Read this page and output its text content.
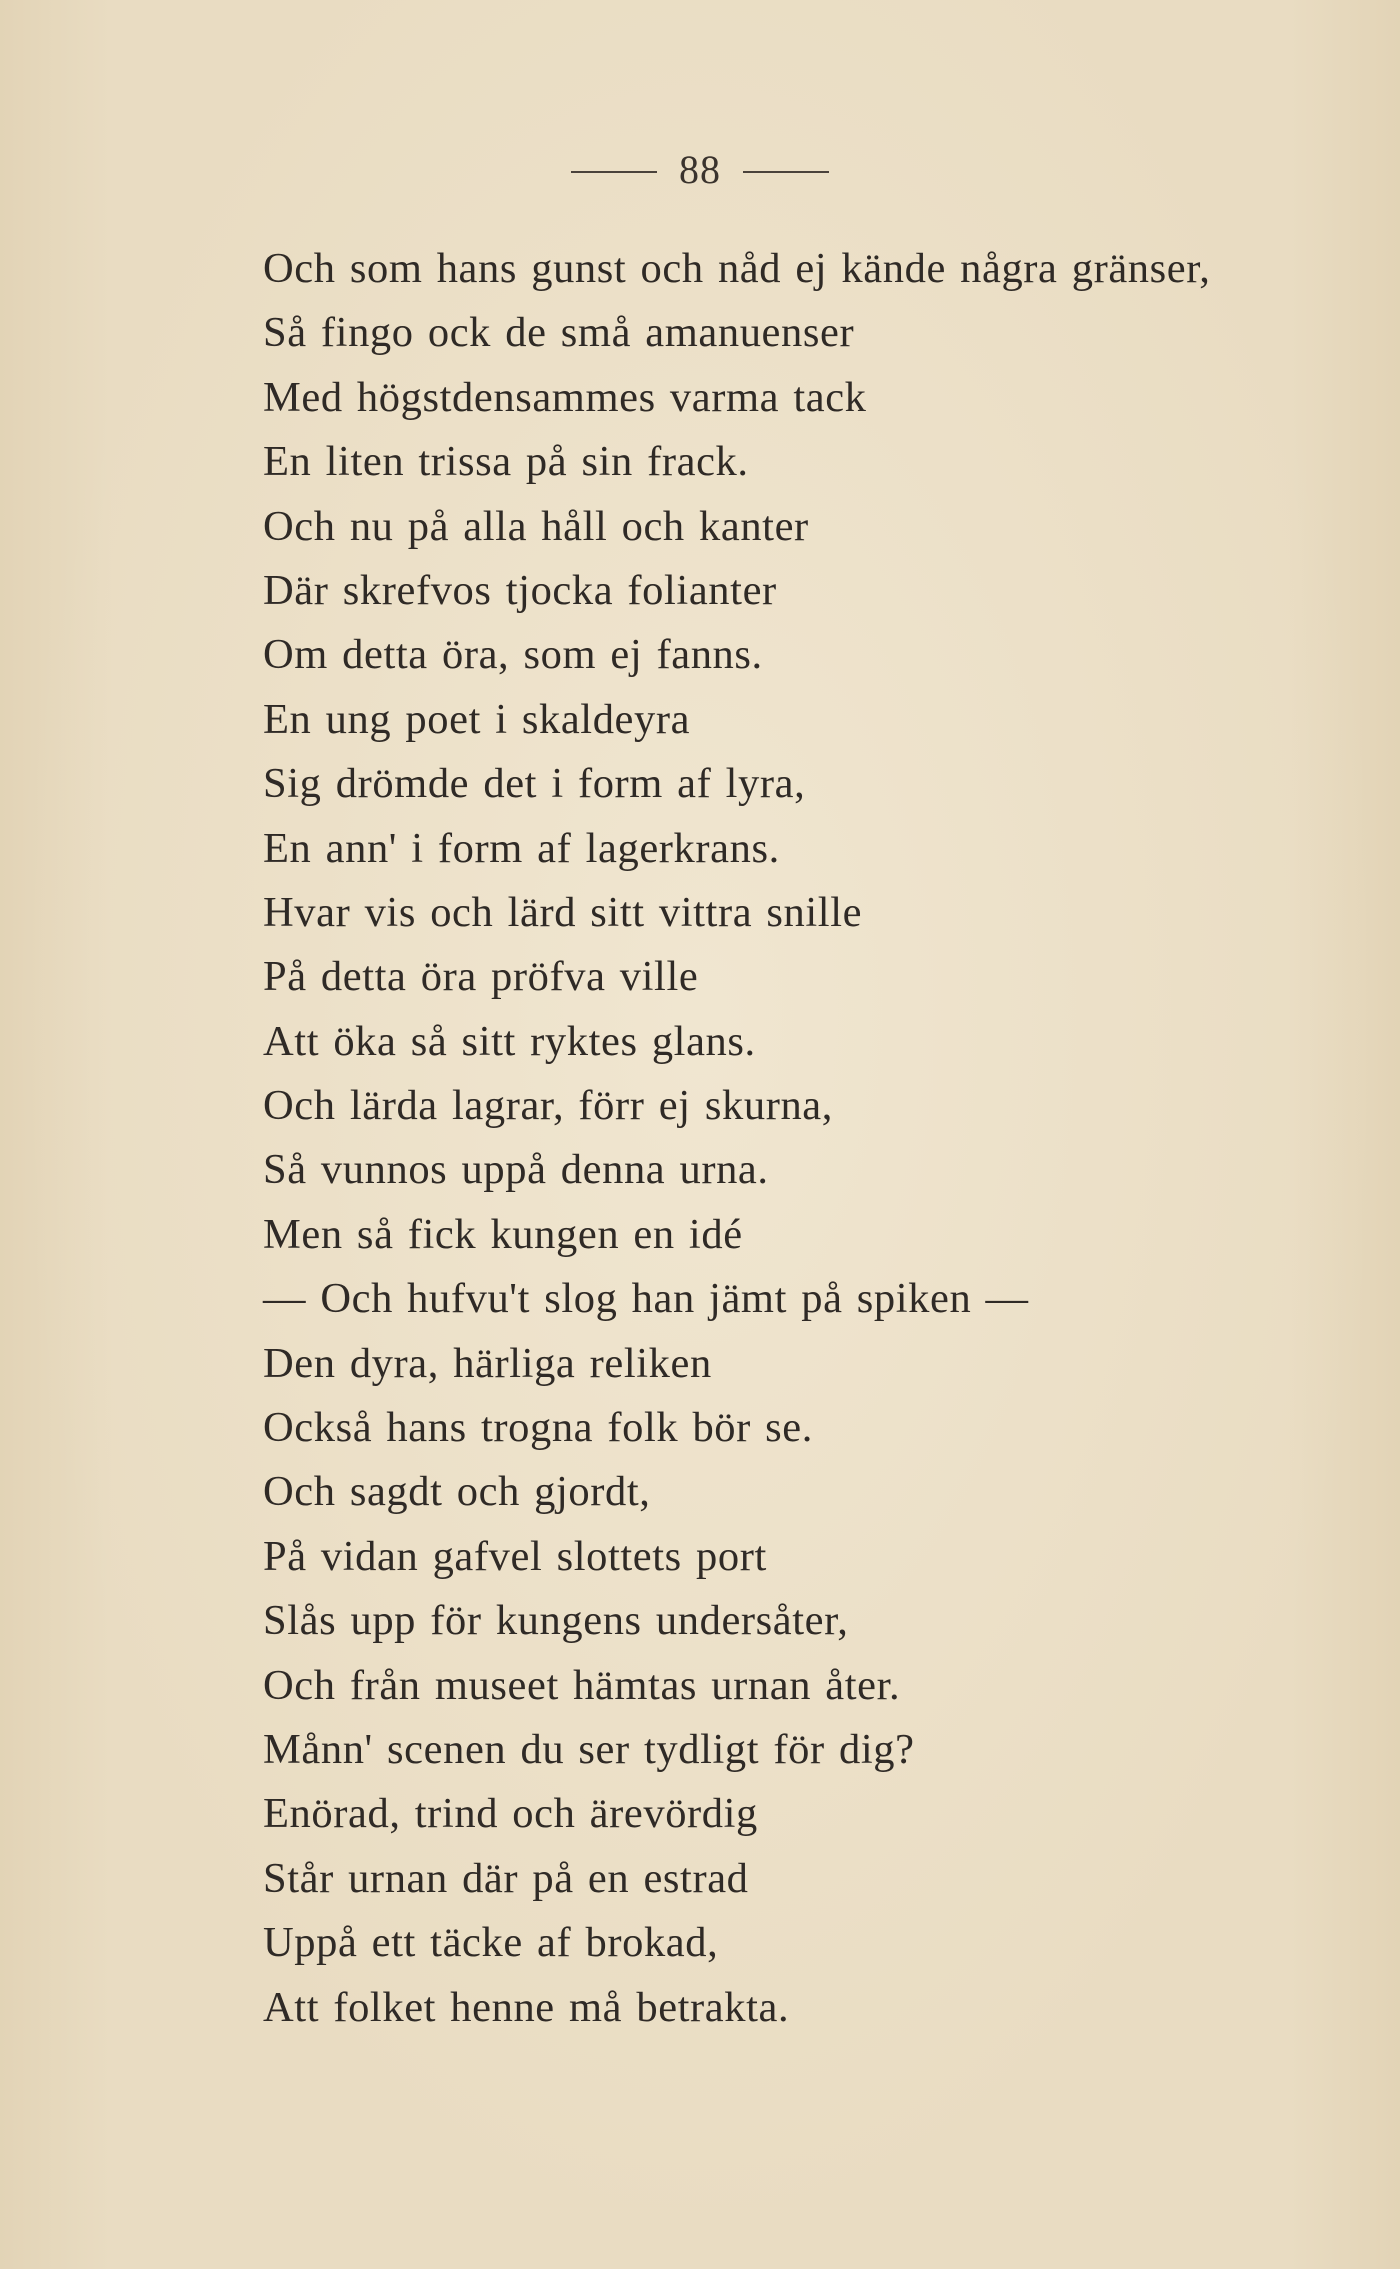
88
Och som hans gunst och nåd ej kände några gränser,
Så fingo ock de små amanuenser
Med högstdensammes varma tack
En liten trissa på sin frack.
Och nu på alla håll och kanter
Där skrefvos tjocka folianter
Om detta öra, som ej fanns.
En ung poet i skaldeyra
Sig drömde det i form af lyra,
En ann' i form af lagerkrans.
Hvar vis och lärd sitt vittra snille
På detta öra pröfva ville
Att öka så sitt ryktes glans.
Och lärda lagrar, förr ej skurna,
Så vunnos uppå denna urna.
Men så fick kungen en idé
— Och hufvu't slog han jämt på spiken —
Den dyra, härliga reliken
Också hans trogna folk bör se.
Och sagdt och gjordt,
På vidan gafvel slottets port
Slås upp för kungens undersåter,
Och från museet hämtas urnan åter.
Månn' scenen du ser tydligt för dig?
Enörad, trind och ärevördig
Står urnan där på en estrad
Uppå ett täcke af brokad,
Att folket henne må betrakta.
